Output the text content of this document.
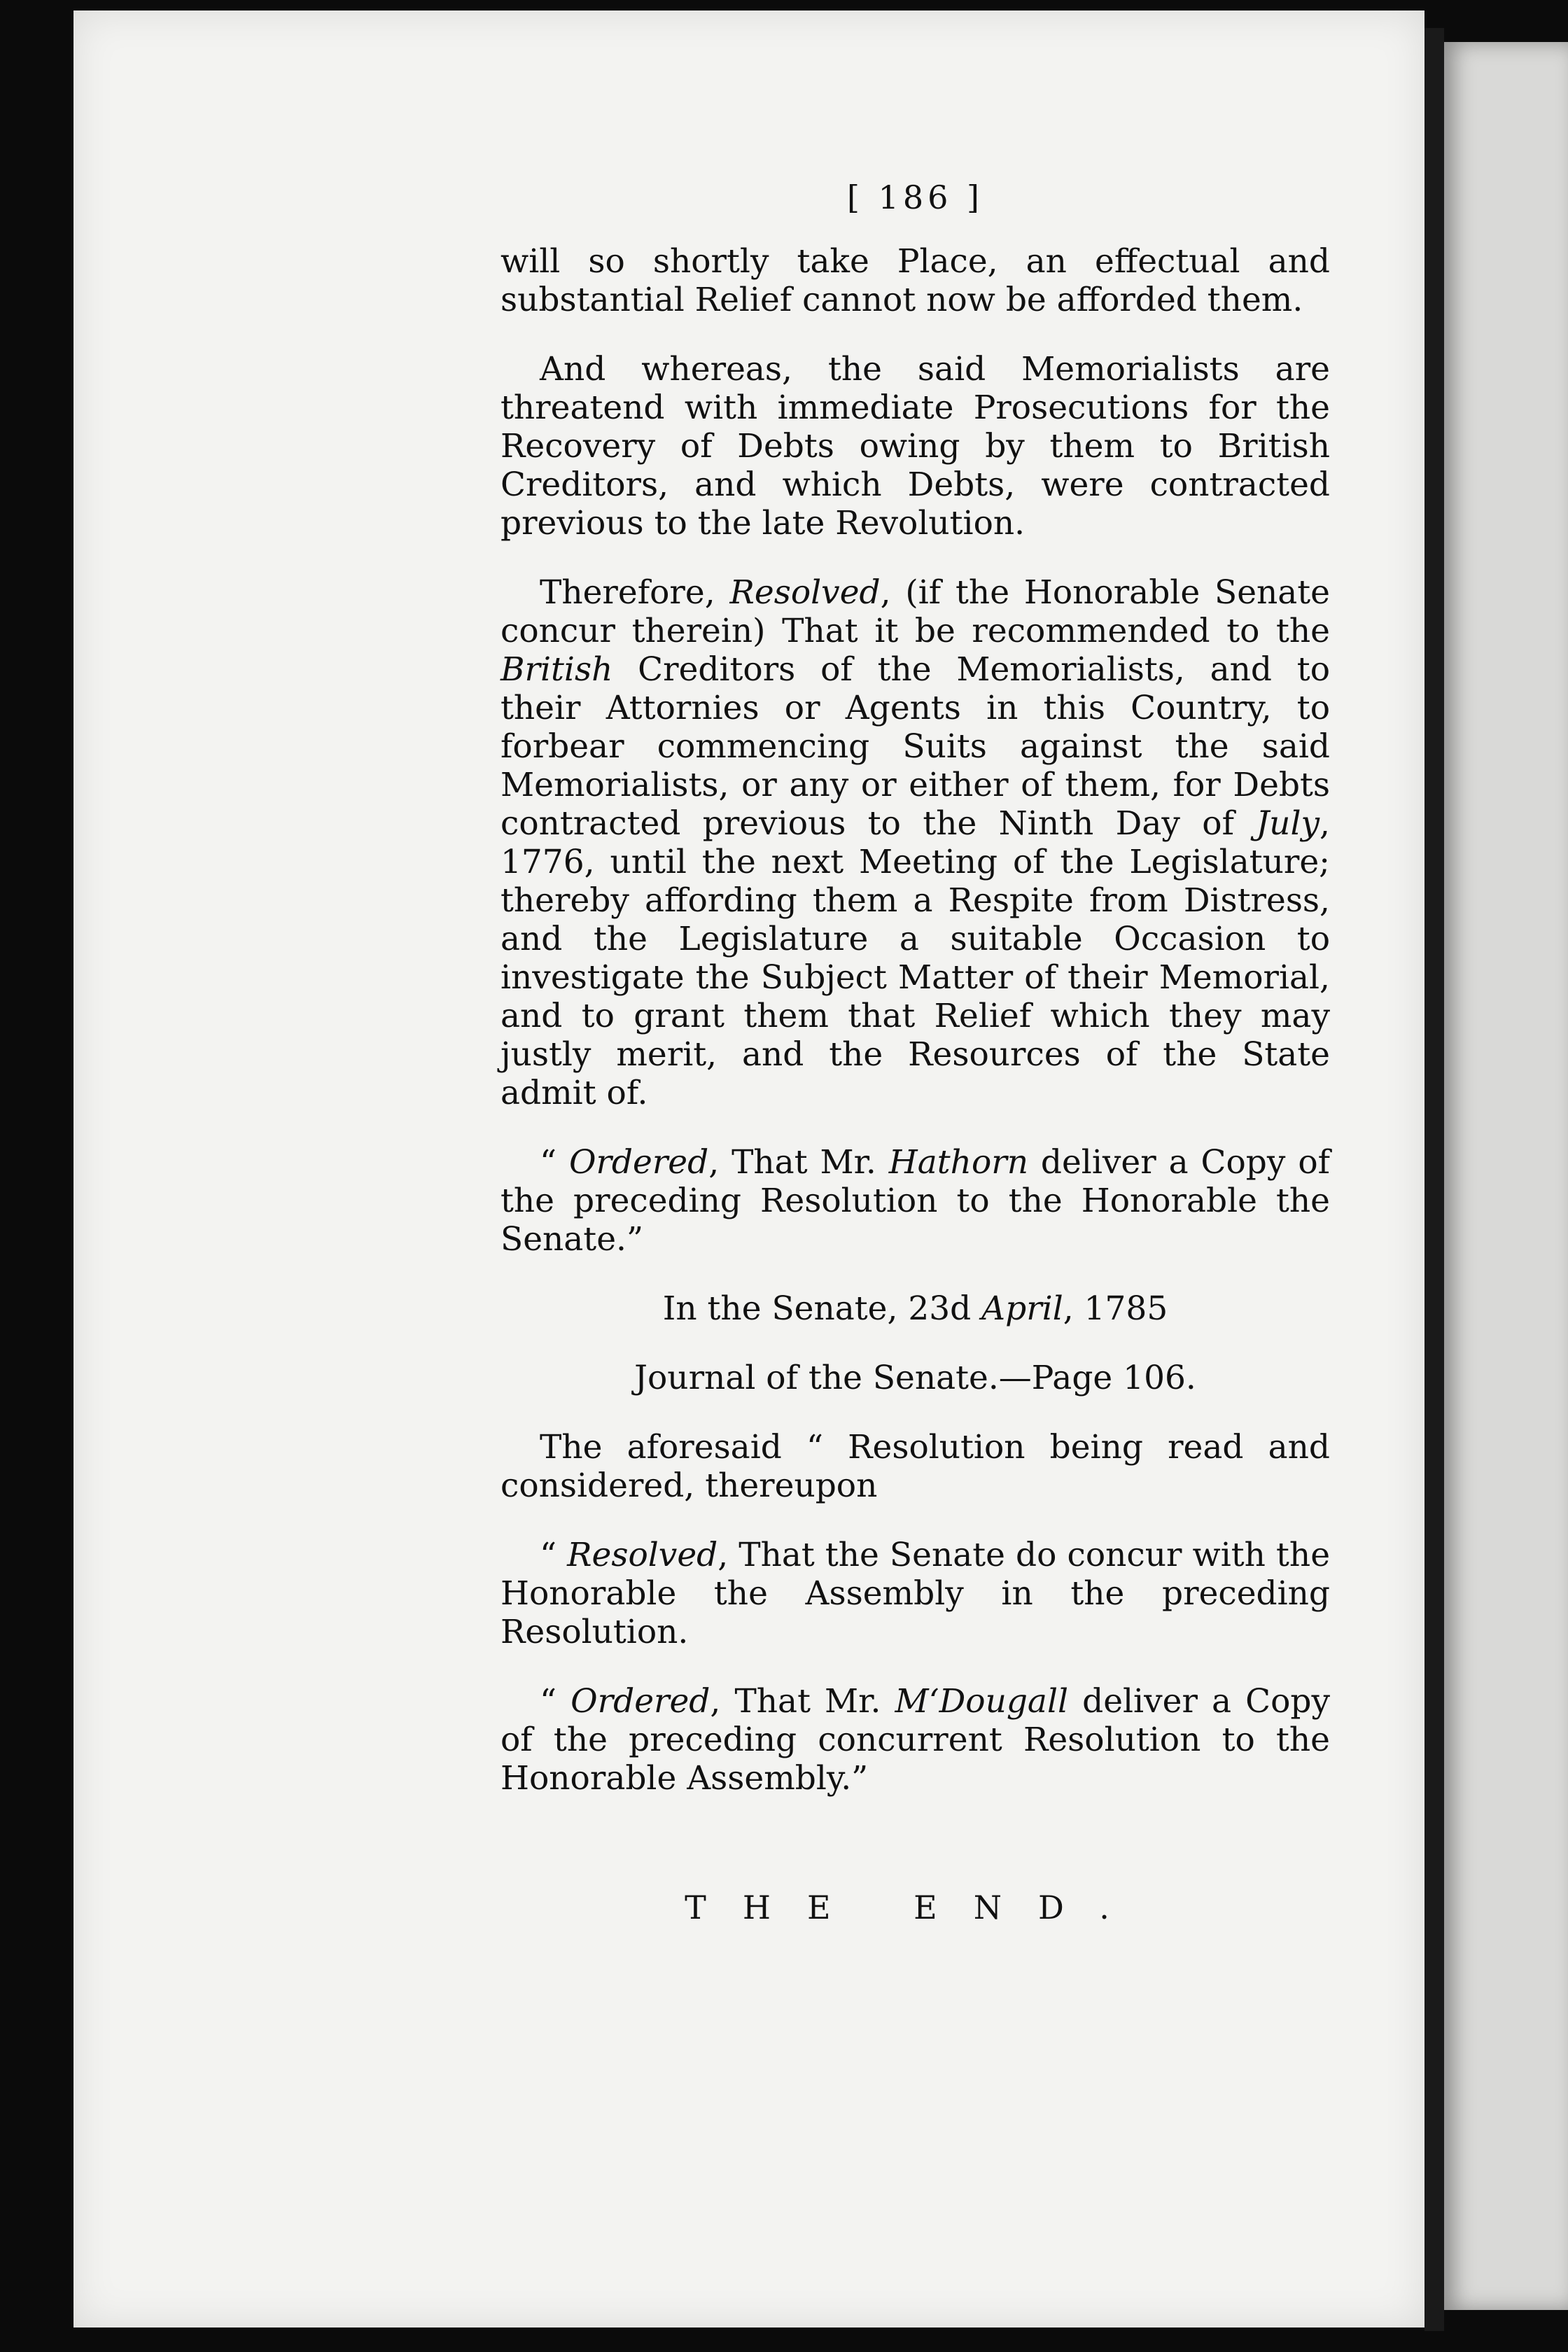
[ 186 ]

will so shortly take Place, an effectual and substantial Relief cannot now be afforded them.

And whereas, the said Memorialists are threatend with immediate Prosecutions for the Recovery of Debts owing by them to British Creditors, and which Debts, were contracted previous to the late Revolution.

Therefore, Resolved, (if the Honorable Senate concur therein) That it be recommended to the British Creditors of the Memorialists, and to their Attornies or Agents in this Country, to forbear commencing Suits against the said Memorialists, or any or either of them, for Debts contracted previous to the Ninth Day of July, 1776, until the next Meeting of the Legislature; thereby affording them a Respite from Distress, and the Legislature a suitable Occasion to investigate the Subject Matter of their Memorial, and to grant them that Relief which they may justly merit, and the Resources of the State admit of.

“ Ordered, That Mr. Hathorn deliver a Copy of the preceding Resolution to the Honorable the Senate.”

In the Senate, 23d April, 1785

Journal of the Senate.—Page 106.

The aforesaid “ Resolution being read and considered, thereupon

“ Resolved, That the Senate do concur with the Honorable the Assembly in the preceding Resolution.

“ Ordered, That Mr. M‘Dougall deliver a Copy of the preceding concurrent Resolution to the Honorable Assembly.”

THE END.
